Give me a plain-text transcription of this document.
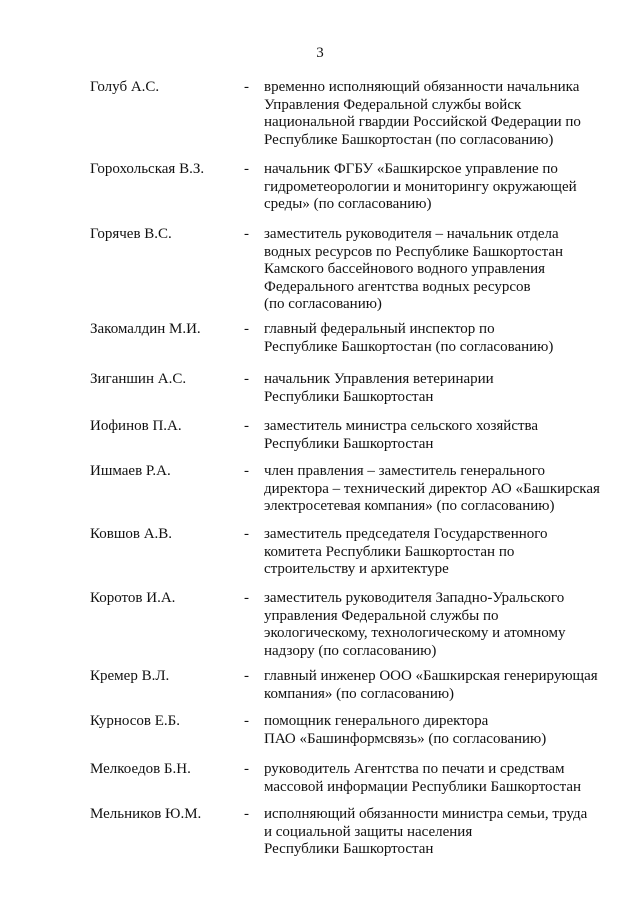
3
Голуб А.С.	- временно исполняющий обязанности начальника
Управления Федеральной службы войск
национальной гвардии Российской Федерации по
Республике Башкортостан (по согласованию)
Горохольская В.З.	- начальник ФГБУ «Башкирское управление по
гидрометеорологии и мониторингу окружающей
среды» (по согласованию)
Горячев В.С.	- заместитель руководителя – начальник отдела
водных ресурсов по Республике Башкортостан
Камского бассейнового водного управления
Федерального агентства водных ресурсов
(по согласованию)
Закомалдин М.И.	- главный федеральный инспектор по
Республике Башкортостан (по согласованию)
Зиганшин А.С.	- начальник Управления ветеринарии
Республики Башкортостан
Иофинов П.А.	- заместитель министра сельского хозяйства
Республики Башкортостан
Ишмаев Р.А.	- член правления – заместитель генерального
директора – технический директор АО «Башкирская
электросетевая компания» (по согласованию)
Ковшов А.В.	- заместитель председателя Государственного
комитета Республики Башкортостан по
строительству и архитектуре
Коротов И.А.	- заместитель руководителя Западно-Уральского
управления Федеральной службы по
экологическому, технологическому и атомному
надзору (по согласованию)
Кремер В.Л.	- главный инженер ООО «Башкирская генерирующая
компания» (по согласованию)
Курносов Е.Б.	- помощник генерального директора
ПАО «Башинформсвязь» (по согласованию)
Мелкоедов Б.Н.	- руководитель Агентства по печати и средствам
массовой информации Республики Башкортостан
Мельников Ю.М.	- исполняющий обязанности министра семьи, труда
и социальной защиты населения
Республики Башкортостан
